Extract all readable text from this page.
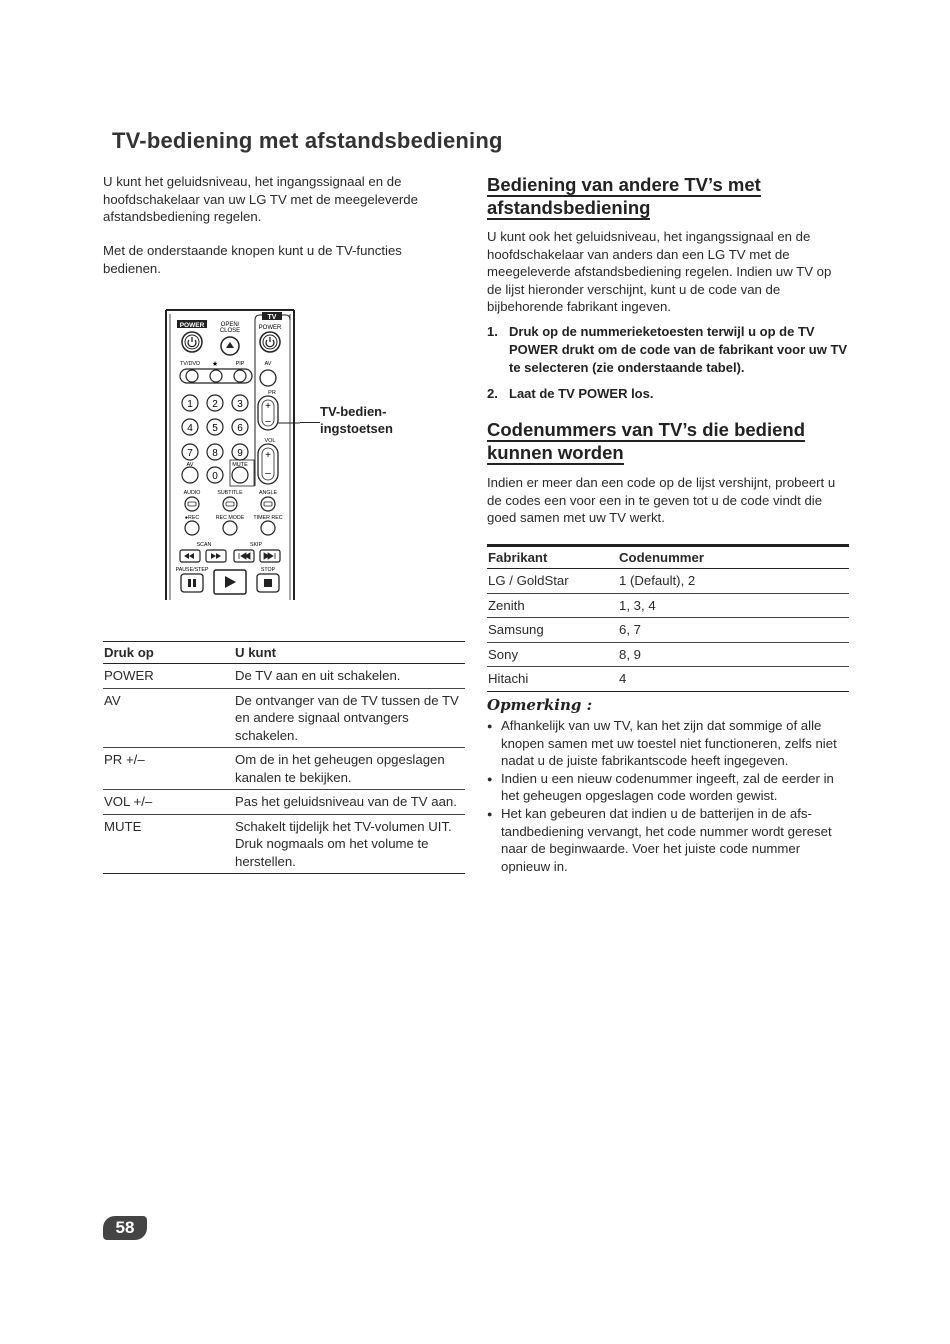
TV-bediening met afstandsbediening
U kunt het geluidsniveau, het ingangssignaal en de hoofdschakelaar van uw LG TV met de meegeleverde afstandsbediening regelen.
Met de onderstaande knopen kunt u de TV-functies bedienen.
TV
POWER	OPEN/
CLOSE	POWER
TV/DVD ★	PIP	AV
PR
1 2 3
4 5 6
7 8 9
0
+
–
VOL
+
–
AV	MUTE
AUDIO	SUBTITLE	ANGLE
●REC	REC MODE TIMER REC
SCAN	SKIP
PAUSE/STEP	STOP
TV-bedien-
ingstoetsen
Druk op	U kunt
POWER	De TV aan en uit schakelen.
AV	De ontvanger van de TV tussen de TV en andere signaal ontvangers schakelen.
PR +/–	Om de in het geheugen opgeslagen kanalen te bekijken.
VOL +/–	Pas het geluidsniveau van de TV aan.
MUTE	Schakelt tijdelijk het TV-volumen UIT. Druk nogmaals om het volume te herstellen.
Bediening van andere TV’s met afstandsbediening
U kunt ook het geluidsniveau, het ingangssignaal en de hoofdschakelaar van anders dan een LG TV met de meegeleverde afstandsbediening regelen. Indien uw TV op de lijst hieronder verschijnt, kunt u de code van de bijbehorende fabrikant ingeven.
1. Druk op de nummerieketoesten terwijl u op de TV POWER drukt om de code van de fabrikant voor uw TV te selecteren (zie onderstaande tabel).
2. Laat de TV POWER los.
Codenummers van TV’s die bediend kunnen worden
Indien er meer dan een code op de lijst vershijnt, probeert u de codes een voor een in te geven tot u de code vindt die goed samen met uw TV werkt.
Fabrikant	Codenummer
LG / GoldStar	1 (Default), 2
Zenith	1, 3, 4
Samsung	6, 7
Sony	8, 9
Hitachi	4
Opmerking :
● Afhankelijk van uw TV, kan het zijn dat sommige of alle knopen samen met uw toestel niet functioneren, zelfs niet nadat u de juiste fabrikantscode heeft ingegeven.
● Indien u een nieuw codenummer ingeeft, zal de eerder in het geheugen opgeslagen code worden gewist.
● Het kan gebeuren dat indien u de batterijen in de afs-tandbediening vervangt, het code nummer wordt gereset naar de beginwaarde. Voer het juiste code nummer opnieuw in.
58
